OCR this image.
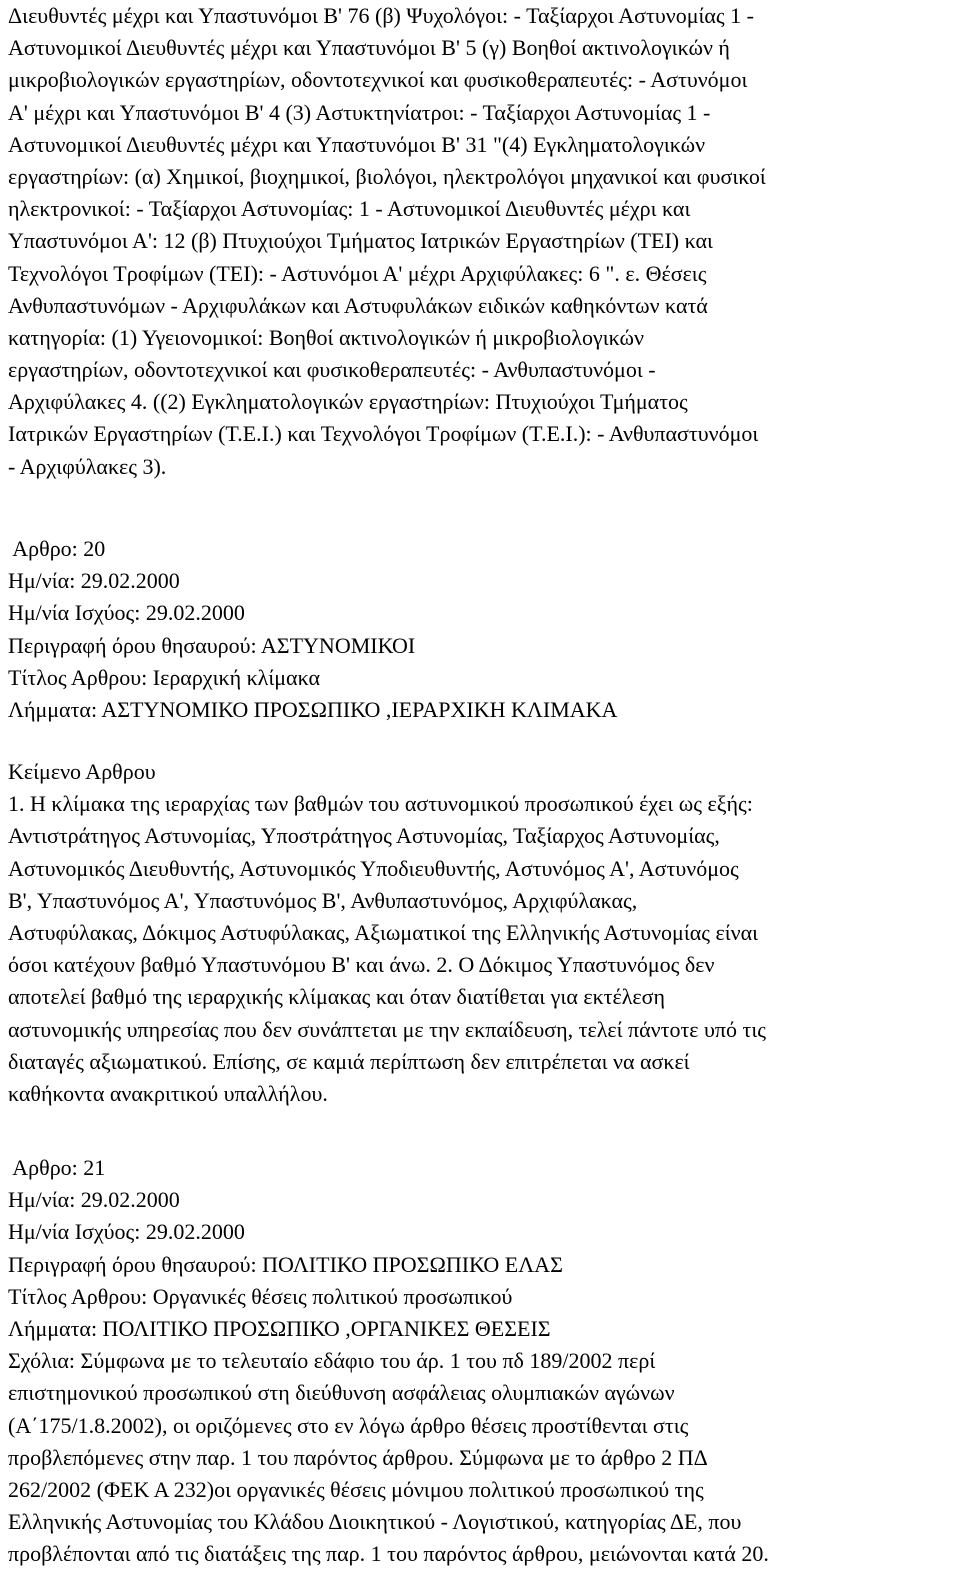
Διευθυντές μέχρι και Υπαστυνόμοι Β' 76 (β) Ψυχολόγοι: - Ταξίαρχοι Αστυνομίας 1 -
Αστυνομικοί Διευθυντές μέχρι και Υπαστυνόμοι Β' 5 (γ) Βοηθοί ακτινολογικών ή
μικροβιολογικών εργαστηρίων, οδοντοτεχνικοί και φυσικοθεραπευτές: - Αστυνόμοι
Α' μέχρι και Υπαστυνόμοι Β' 4 (3) Αστυκτηνίατροι: - Ταξίαρχοι Αστυνομίας 1 -
Αστυνομικοί Διευθυντές μέχρι και Υπαστυνόμοι Β' 31 "(4) Εγκληματολογικών
εργαστηρίων: (α) Χημικοί, βιοχημικοί, βιολόγοι, ηλεκτρολόγοι μηχανικοί και φυσικοί
ηλεκτρονικοί: - Ταξίαρχοι Αστυνομίας: 1 - Αστυνομικοί Διευθυντές μέχρι και
Υπαστυνόμοι Α': 12 (β) Πτυχιούχοι Τμήματος Ιατρικών Εργαστηρίων (ΤΕΙ) και
Τεχνολόγοι Τροφίμων (ΤΕΙ): - Αστυνόμοι Α' μέχρι Αρχιφύλακες: 6 ". ε. Θέσεις
Ανθυπαστυνόμων - Αρχιφυλάκων και Αστυφυλάκων ειδικών καθηκόντων κατά
κατηγορία: (1) Υγειονομικοί: Βοηθοί ακτινολογικών ή μικροβιολογικών
εργαστηρίων, οδοντοτεχνικοί και φυσικοθεραπευτές: - Ανθυπαστυνόμοι -
Αρχιφύλακες 4. ((2) Εγκληματολογικών εργαστηρίων: Πτυχιούχοι Τμήματος
Ιατρικών Εργαστηρίων (Τ.Ε.Ι.) και Τεχνολόγοι Τροφίμων (Τ.Ε.Ι.): - Ανθυπαστυνόμοι
- Αρχιφύλακες 3).
Αρθρο: 20
Ημ/νία: 29.02.2000
Ημ/νία Ισχύος: 29.02.2000
Περιγραφή όρου θησαυρού: ΑΣΤΥΝΟΜΙΚΟΙ
Τίτλος Αρθρου: Ιεραρχική κλίμακα
Λήμματα: ΑΣΤΥΝΟΜΙΚΟ ΠΡΟΣΩΠΙΚΟ ,ΙΕΡΑΡΧΙΚΗ ΚΛΙΜΑΚΑ
Κείμενο Αρθρου
1. Η κλίμακα της ιεραρχίας των βαθμών του αστυνομικού προσωπικού έχει ως εξής:
Αντιστράτηγος Αστυνομίας, Υποστράτηγος Αστυνομίας, Ταξίαρχος Αστυνομίας,
Αστυνομικός Διευθυντής, Αστυνομικός Υποδιευθυντής, Αστυνόμος Α', Αστυνόμος
Β', Υπαστυνόμος Α', Υπαστυνόμος Β', Ανθυπαστυνόμος, Αρχιφύλακας,
Αστυφύλακας, Δόκιμος Αστυφύλακας, Αξιωματικοί της Ελληνικής Αστυνομίας είναι
όσοι κατέχουν βαθμό Υπαστυνόμου Β' και άνω. 2. Ο Δόκιμος Υπαστυνόμος δεν
αποτελεί βαθμό της ιεραρχικής κλίμακας και όταν διατίθεται για εκτέλεση
αστυνομικής υπηρεσίας που δεν συνάπτεται με την εκπαίδευση, τελεί πάντοτε υπό τις
διαταγές αξιωματικού. Επίσης, σε καμιά περίπτωση δεν επιτρέπεται να ασκεί
καθήκοντα ανακριτικού υπαλλήλου.
Αρθρο: 21
Ημ/νία: 29.02.2000
Ημ/νία Ισχύος: 29.02.2000
Περιγραφή όρου θησαυρού: ΠΟΛΙΤΙΚΟ ΠΡΟΣΩΠΙΚΟ ΕΛΑΣ
Τίτλος Αρθρου: Οργανικές θέσεις πολιτικού προσωπικού
Λήμματα: ΠΟΛΙΤΙΚΟ ΠΡΟΣΩΠΙΚΟ ,ΟΡΓΑΝΙΚΕΣ ΘΕΣΕΙΣ
Σχόλια: Σύμφωνα με το τελευταίο εδάφιο του άρ. 1 του πδ 189/2002 περί
επιστημονικού προσωπικού στη διεύθυνση ασφάλειας ολυμπιακών αγώνων
(Α΄175/1.8.2002), οι οριζόμενες στο εν λόγω άρθρο θέσεις προστίθενται στις
προβλεπόμενες στην παρ. 1 του παρόντος άρθρου. Σύμφωνα με το άρθρο 2 ΠΔ
262/2002 (ΦΕΚ Α 232)οι οργανικές θέσεις μόνιμου πολιτικού προσωπικού της
Ελληνικής Αστυνομίας του Κλάδου Διοικητικού - Λογιστικού, κατηγορίας ΔΕ, που
προβλέπονται από τις διατάξεις της παρ. 1 του παρόντος άρθρου, μειώνονται κατά 20.
